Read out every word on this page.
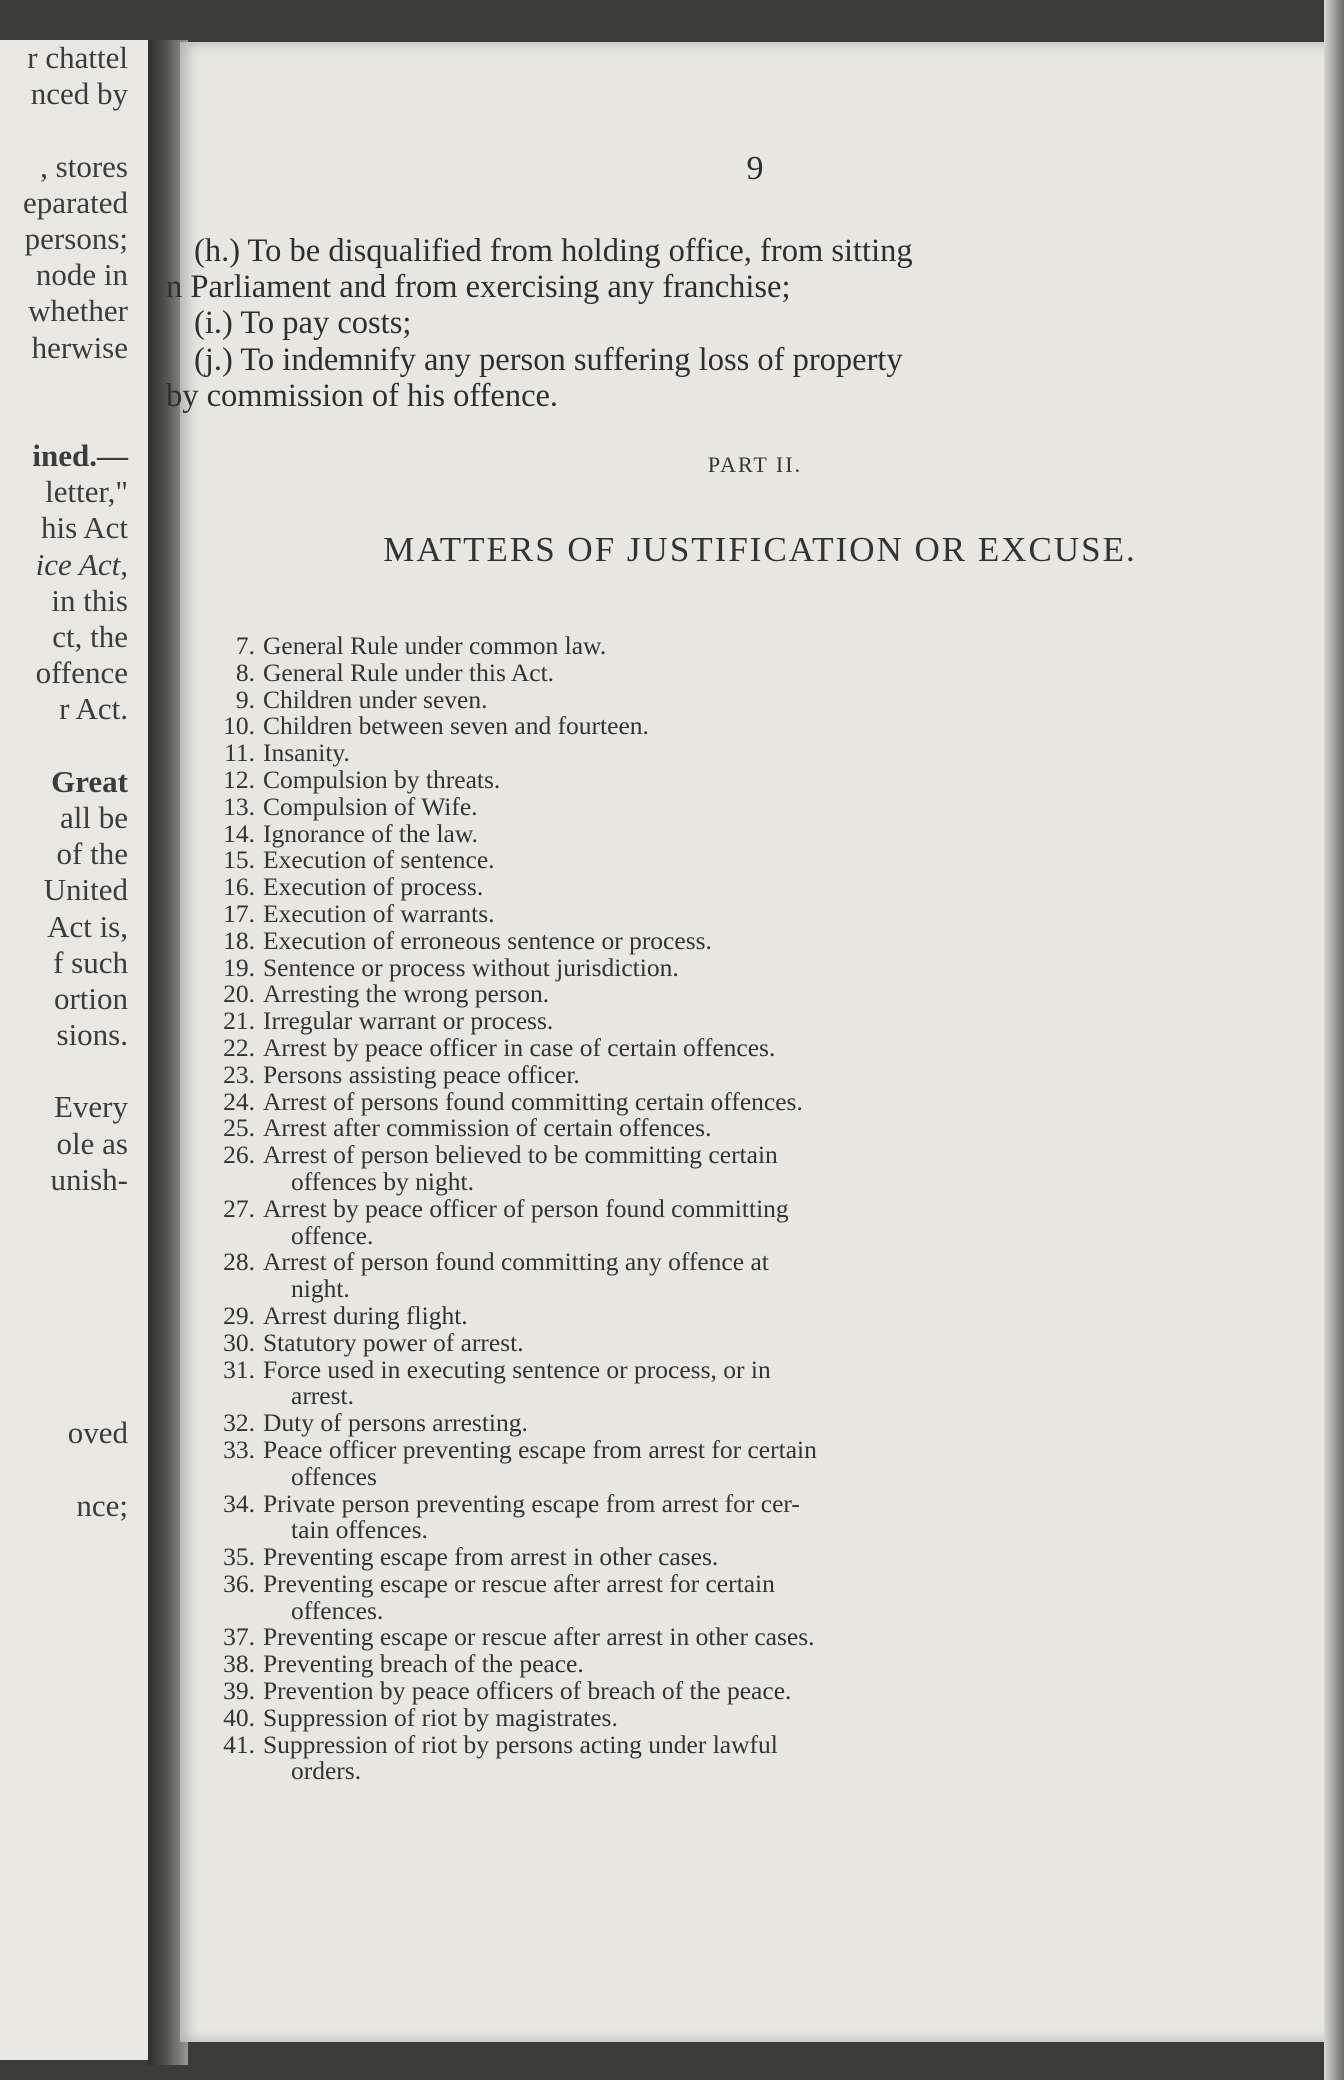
r chattel
nced by
, stores
eparated
persons;
node in
whether
herwise
ined.—
letter,"
his Act
ice Act,
in this
ct, the
offence
r Act.
Great
all be
of the
United
Act is,
f such
ortion
sions.
Every
ole as
unish-
oved
nce;
9
(h.) To be disqualified from holding office, from sitting
n Parliament and from exercising any franchise;
(i.) To pay costs;
(j.) To indemnify any person suffering loss of property
by commission of his offence.
PART II.
MATTERS OF JUSTIFICATION OR EXCUSE.
7. General Rule under common law.
8. General Rule under this Act.
9. Children under seven.
10. Children between seven and fourteen.
11. Insanity.
12. Compulsion by threats.
13. Compulsion of Wife.
14. Ignorance of the law.
15. Execution of sentence.
16. Execution of process.
17. Execution of warrants.
18. Execution of erroneous sentence or process.
19. Sentence or process without jurisdiction.
20. Arresting the wrong person.
21. Irregular warrant or process.
22. Arrest by peace officer in case of certain offences.
23. Persons assisting peace officer.
24. Arrest of persons found committing certain offences.
25. Arrest after commission of certain offences.
26. Arrest of person believed to be committing certain
offences by night.
27. Arrest by peace officer of person found committing
offence.
28. Arrest of person found committing any offence at
night.
29. Arrest during flight.
30. Statutory power of arrest.
31. Force used in executing sentence or process, or in
arrest.
32. Duty of persons arresting.
33. Peace officer preventing escape from arrest for certain
offences
34. Private person preventing escape from arrest for cer-
tain offences.
35. Preventing escape from arrest in other cases.
36. Preventing escape or rescue after arrest for certain
offences.
37. Preventing escape or rescue after arrest in other cases.
38. Preventing breach of the peace.
39. Prevention by peace officers of breach of the peace.
40. Suppression of riot by magistrates.
41. Suppression of riot by persons acting under lawful
orders.
